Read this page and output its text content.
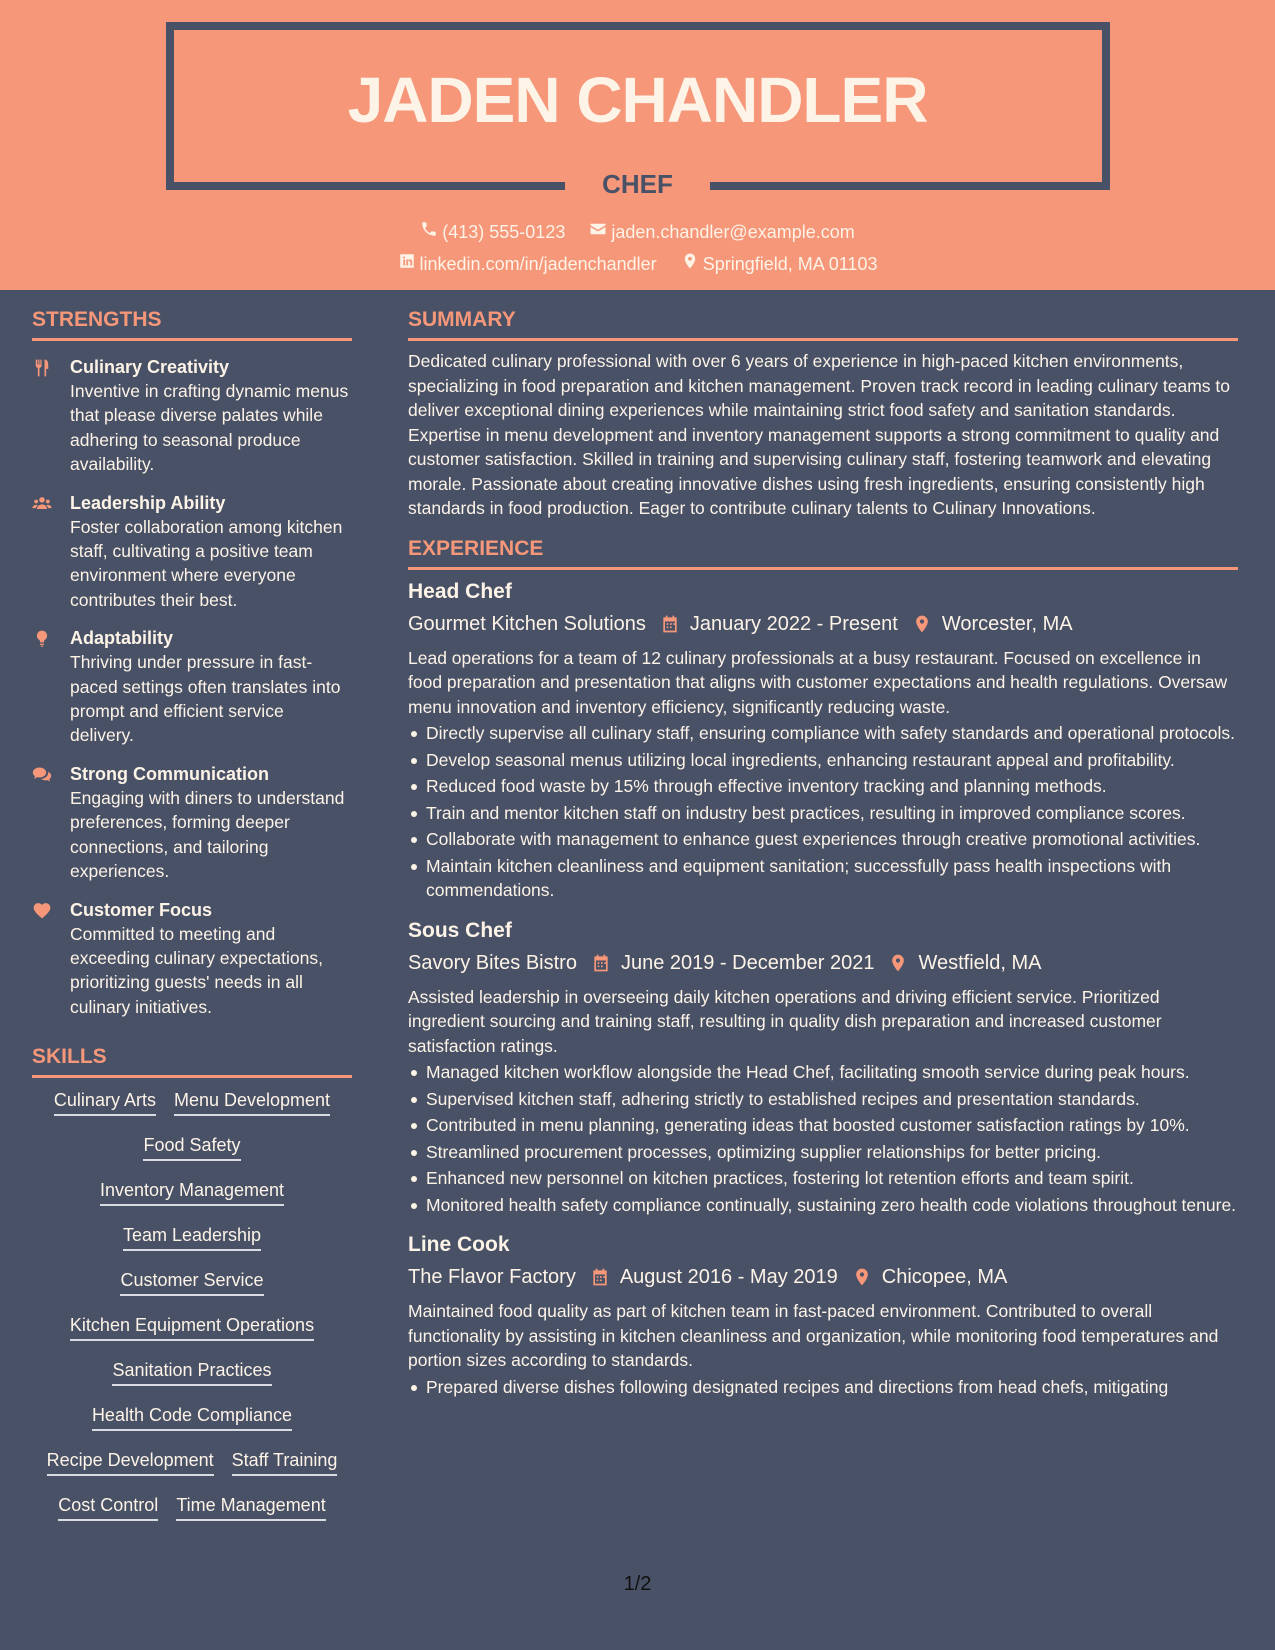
JADEN CHANDLER
CHEF
(413) 555-0123	jaden.chandler@example.com
linkedin.com/in/jadenchandler	Springfield, MA 01103
STRENGTHS
Culinary Creativity
Inventive in crafting dynamic menus that please diverse palates while adhering to seasonal produce availability.
Leadership Ability
Foster collaboration among kitchen staff, cultivating a positive team environment where everyone contributes their best.
Adaptability
Thriving under pressure in fast-paced settings often translates into prompt and efficient service delivery.
Strong Communication
Engaging with diners to understand preferences, forming deeper connections, and tailoring experiences.
Customer Focus
Committed to meeting and exceeding culinary expectations, prioritizing guests' needs in all culinary initiatives.
SKILLS
Culinary Arts Menu Development
Food Safety
Inventory Management
Team Leadership
Customer Service
Kitchen Equipment Operations
Sanitation Practices
Health Code Compliance
Recipe Development Staff Training
Cost Control Time Management
SUMMARY

Dedicated culinary professional with over 6 years of experience in high-paced kitchen environments, specializing in food preparation and kitchen management. Proven track record in leading culinary teams to deliver exceptional dining experiences while maintaining strict food safety and sanitation standards. Expertise in menu development and inventory management supports a strong commitment to quality and customer satisfaction. Skilled in training and supervising culinary staff, fostering teamwork and elevating morale. Passionate about creating innovative dishes using fresh ingredients, ensuring consistently high standards in food production. Eager to contribute culinary talents to Culinary Innovations.

EXPERIENCE
Head Chef
Gourmet Kitchen Solutions January 2022 - Present Worcester, MA

Lead operations for a team of 12 culinary professionals at a busy restaurant. Focused on excellence in food preparation and presentation that aligns with customer expectations and health regulations. Oversaw menu innovation and inventory efficiency, significantly reducing waste.

Directly supervise all culinary staff, ensuring compliance with safety standards and operational protocols.
Develop seasonal menus utilizing local ingredients, enhancing restaurant appeal and profitability.
Reduced food waste by 15% through effective inventory tracking and planning methods.
Train and mentor kitchen staff on industry best practices, resulting in improved compliance scores.
Collaborate with management to enhance guest experiences through creative promotional activities.
Maintain kitchen cleanliness and equipment sanitation; successfully pass health inspections with commendations.
Sous Chef
Savory Bites Bistro June 2019 - December 2021 Westfield, MA

Assisted leadership in overseeing daily kitchen operations and driving efficient service. Prioritized ingredient sourcing and training staff, resulting in quality dish preparation and increased customer satisfaction ratings.

Managed kitchen workflow alongside the Head Chef, facilitating smooth service during peak hours.
Supervised kitchen staff, adhering strictly to established recipes and presentation standards.
Contributed in menu planning, generating ideas that boosted customer satisfaction ratings by 10%.
Streamlined procurement processes, optimizing supplier relationships for better pricing.
Enhanced new personnel on kitchen practices, fostering lot retention efforts and team spirit.
Monitored health safety compliance continually, sustaining zero health code violations throughout tenure.
Line Cook
The Flavor Factory August 2016 - May 2019 Chicopee, MA

Maintained food quality as part of kitchen team in fast-paced environment. Contributed to overall functionality by assisting in kitchen cleanliness and organization, while monitoring food temperatures and portion sizes according to standards.

Prepared diverse dishes following designated recipes and directions from head chefs, mitigating
1/2
